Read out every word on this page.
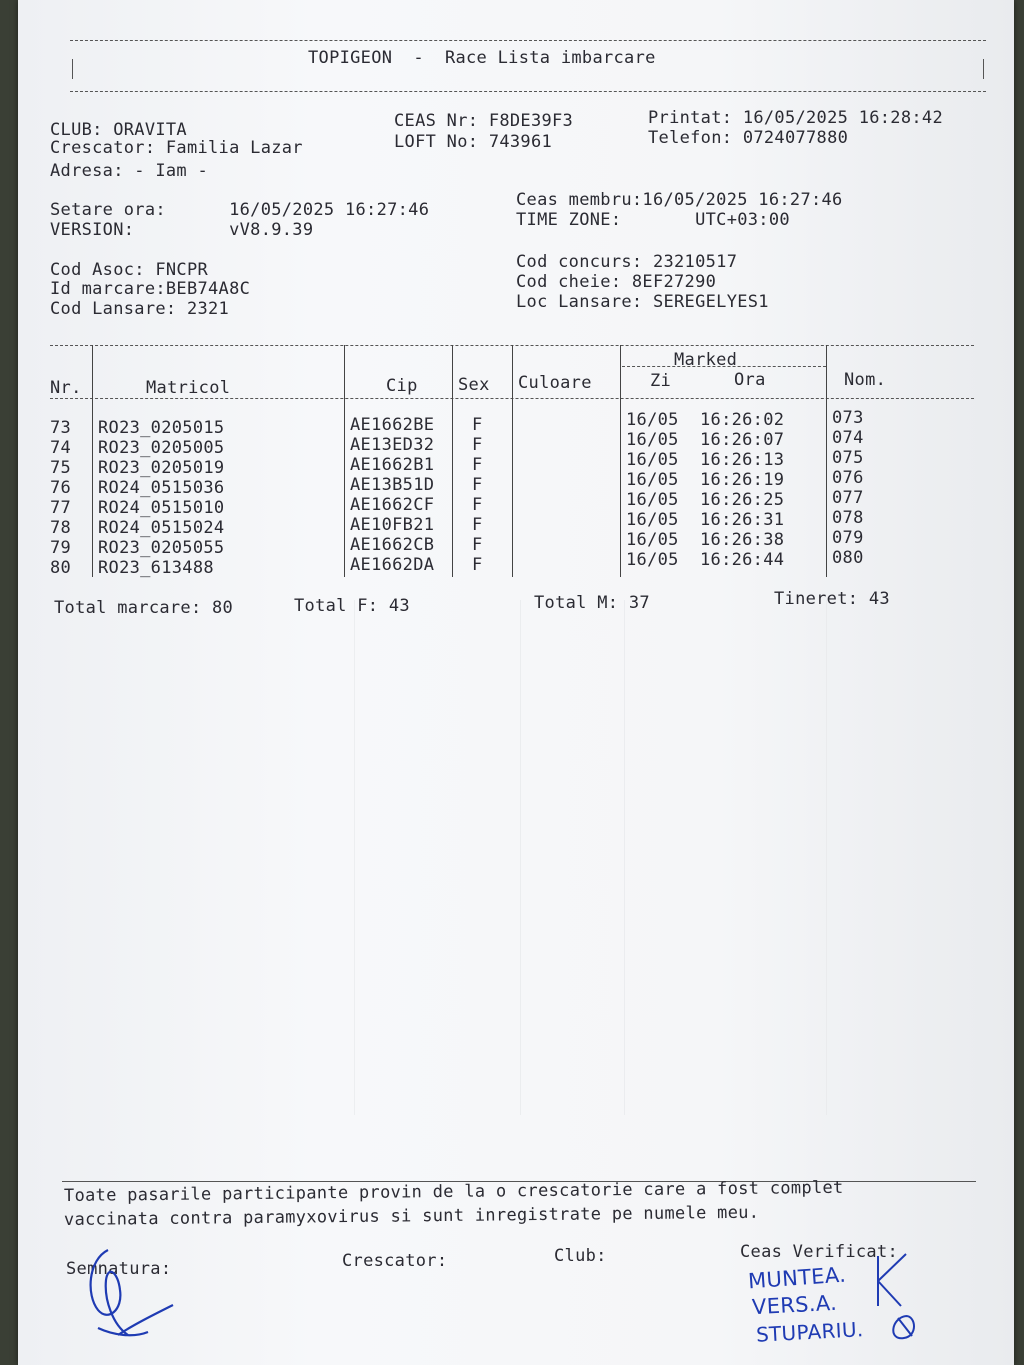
TOPIGEON  -  Race Lista imbarcare
CLUB: ORAVITA
Crescator: Familia Lazar
Adresa: - Iam -
CEAS Nr: F8DE39F3
LOFT No: 743961
Printat: 16/05/2025 16:28:42
Telefon: 0724077880
Setare ora:      16/05/2025 16:27:46
VERSION:         vV8.9.39
Ceas membru:16/05/2025 16:27:46
TIME ZONE:       UTC+03:00
Cod Asoc: FNCPR
Id marcare:BEB74A8C
Cod Lansare: 2321
Cod concurs: 23210517
Cod cheie: 8EF27290
Loc Lansare: SEREGELYES1
Nr.	Matricol	Cip Sex Culoare
Marked
Zi	Ora	Nom.
73 RO23_0205015	AE1662BE F	16/05 16:26:02	073
74 RO23_0205005	AE13ED32 F	16/05 16:26:07	074
75 RO23_0205019	AE1662B1 F	16/05 16:26:13	075
76 RO24_0515036	AE13B51D F	16/05 16:26:19	076
77 RO24_0515010	AE1662CF F	16/05 16:26:25	077
78 RO24_0515024	AE10FB21 F	16/05 16:26:31	078
79 RO23_0205055	AE1662CB F	16/05 16:26:38	079
80 RO23_613488	AE1662DA F	16/05 16:26:44	080
Total marcare: 80	Total F: 43	Total M: 37	Tineret: 43
Toate pasarile participante provin de la o crescatorie care a fost complet
vaccinata contra paramyxovirus si sunt inregistrate pe numele meu.
Semnatura:	Crescator:	Club:	Ceas Verificat:
MUNTEA.
VERS.A.
STUPARIU.
